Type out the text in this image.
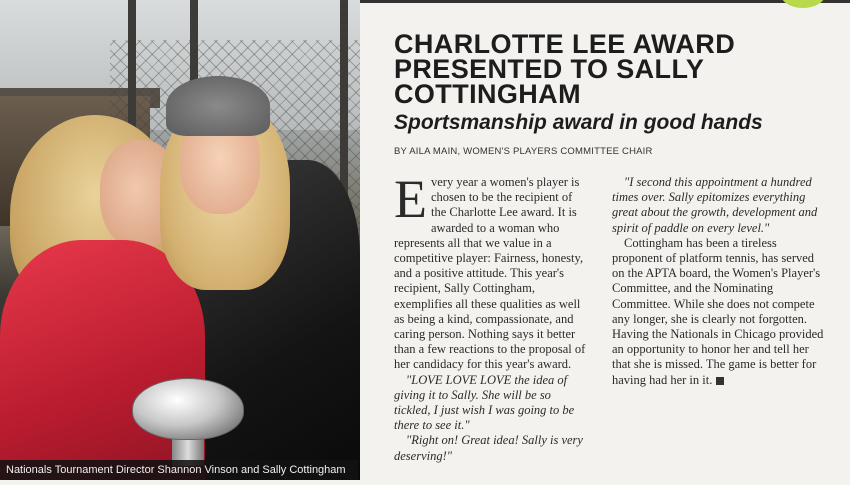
Nationals Tournament Director Shannon Vinson and Sally Cottingham
CHARLOTTE LEE AWARD PRESENTED TO SALLY COTTINGHAM
Sportsmanship award in good hands
BY AILA MAIN, WOMEN'S PLAYERS COMMITTEE CHAIR

Every year a women's player is chosen to be the recipient of the Charlotte Lee award. It is awarded to a woman who represents all that we value in a competitive player: Fairness, honesty, and a positive attitude. This year's recipient, Sally Cottingham, exemplifies all these qualities as well as being a kind, compassionate, and caring person. Nothing says it better than a few reactions to the proposal of her candidacy for this year's award.

"LOVE LOVE LOVE the idea of giving it to Sally. She will be so tickled, I just wish I was going to be there to see it."

"Right on! Great idea! Sally is very deserving!"

"I second this appointment a hundred times over. Sally epitomizes everything great about the growth, development and spirit of paddle on every level."

Cottingham has been a tireless proponent of platform tennis, has served on the APTA board, the Women's Player's Committee, and the Nominating Committee. While she does not compete any longer, she is clearly not forgotten. Having the Nationals in Chicago provided an opportunity to honor her and tell her that she is missed. The game is better for having had her in it.
